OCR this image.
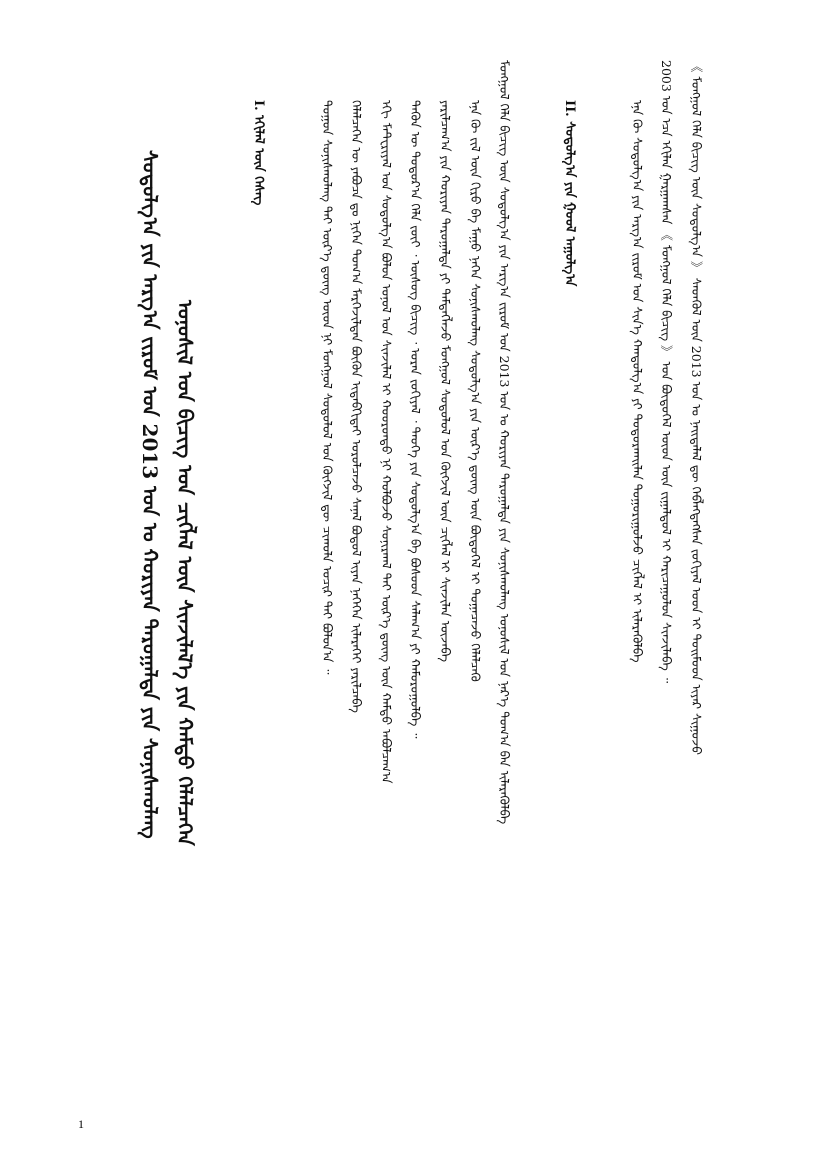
ᠰᠤᠳᠤᠯᠭ᠎ᠠ ᠶᠢᠨ ᠠᠷᠭ᠎ᠠ ᠵᠢᠷᠤᠮ ᠤᠨ 2013 ᠣᠨ ᠤ ᠬᠣᠷᠢᠶᠠᠨ ᠳᠠᠷᠤᠭᠠᠯᠲᠠ ᠶᠢᠨ ᠰᠣᠨᠢᠰᠬᠤᠯᠠᠩ ᠤᠨᠤᠰᠢᠯ ᠤᠨ ᠪᠢᠴᠢᠭ ᠤᠨ ᠴᠢᠭᠯᠡᠯ ᠦᠨ ᠰᠢᠨᠵᠢᠯᠡᠯ᠎ᠡ ᠶᠢᠨ ᠬᠠᠮᠲᠤ ᠬᠡᠯᠡᠯᠴᠡᠭᠡᠨ
I. ᠡᠬᠢᠯᠡᠯ ᠦᠨ ᠬᠡᠰᠡᠭ	ᠲᠣᠭᠣᠨ ᠰᠣᠨᠢᠰᠬᠤᠯᠠᠩ ᠲᠠᠢ ᠦᠷ᠎ᠡ ᠳ᠋ᠦᠩ ᠦᠳ ᠨᠢ ᠮᠣᠩᠭᠣᠯ ᠰᠤᠳᠤᠯᠤᠯ ᠤᠨ ᠬᠥᠭᠵᠢᠯ ᠳᠦ ᠴᠢᠬᠤᠯᠠ ᠤᠴᠢᠷ ᠲᠠᠢ ᠪᠣᠯᠤᠨ᠎ᠠ ᠃ ᠬᠡᠯᠡᠯᠴᠡᠭᠡᠨ ᠦ ᠶᠠᠪᠤᠴᠠ ᠳᠤ ᠨᠢᠭᠡᠨ ᠳᠤᠭ᠎ᠠ ᠮᠡᠷᠭᠡᠵᠢᠯᠲᠡᠨ ᠪᠦᠬᠦᠨ ᠢᠳᠡᠪᠬᠢᠲᠡᠢ ᠣᠷᠤᠯᠴᠠᠵᠤ ᠰᠠᠨᠠᠯ ᠪᠣᠳᠤᠯ ᠢᠶᠠᠨ ᠨᠡᠭᠡᠭᠡᠨ ᠢᠯᠡᠷᠡᠬᠡᠢ ᠶᠠᠷᠢᠯᠴᠠᠪᠠ ᠡᠬᠢ ᠮᠠᠲ᠋ᠧᠷᠢᠶᠠᠯ ᠤᠨ ᠰᠤᠳᠤᠯᠭ᠎ᠠ ᠪᠤᠯᠤᠨ ᠣᠨᠤᠯ ᠤᠨ ᠰᠢᠨᠵᠢᠯᠡᠯ ᠢ ᠬᠣᠣᠷᠣᠨᠳᠤ ᠨᠢ ᠬᠣᠯᠪᠣᠵᠤ ᠰᠣᠨᠢᠷᠬᠠᠯ ᠲᠠᠢ ᠦᠷ᠎ᠡ ᠳ᠋ᠦᠩ ᠦᠨ ᠬᠠᠮᠲᠤ ᠠᠪᠤᠯᠴᠠᠭ᠎ᠠ ᠲᠡᠭᠦᠨ ᠦ ᠳᠣᠲᠣᠷ᠎ᠠ ᠬᠡᠯᠡ ᠵᠦᠢ ᠂ ᠦᠰᠦᠭ ᠪᠢᠴᠢᠭ ᠂ ᠤᠷᠠᠨ ᠵᠣᠬᠢᠶᠠᠯ ᠂ ᠲᠡᠦᠬᠡ ᠶᠢᠨ ᠰᠤᠳᠤᠯᠭ᠎ᠠ ᠪᠠ ᠪᠤᠰᠤᠳ ᠰᠠᠯᠠᠭ᠎ᠠ ᠶᠢ ᠬᠠᠮᠤᠷᠤᠭᠤᠯᠪᠠ ᠃ ᠶᠠᠷᠢᠯᠴᠠᠭ᠎ᠠ ᠶᠢᠨ ᠬᠣᠷᠢᠶᠠᠨ ᠳᠠᠷᠤᠭᠠᠯᠲᠠ ᠶᠢ ᠲᠡᠮᠳᠡᠭᠯᠡᠵᠦ ᠮᠣᠩᠭᠣᠯ ᠰᠤᠳᠤᠯᠤᠯ ᠤᠨ ᠬᠥᠭᠵᠢᠯ ᠦᠨ ᠴᠢᠭᠯᠡᠯ ᠢ ᠰᠢᠨᠵᠢᠯᠡᠨ ᠦᠵᠡᠪᠡ ᠡᠨᠡ ᠬᠦ ᠵᠢᠯ ᠦᠨ ᠬᠢᠷᠤ ᠪᠠ ᠮᠠᠭᠤ ᠨᠡᠭᠡᠨ ᠰᠣᠨᠢᠰᠬᠤᠯᠠᠩ ᠰᠤᠳᠤᠯᠭ᠎ᠠ ᠶᠢᠨ ᠦᠷ᠎ᠡ ᠳ᠋ᠦᠩ ᠦᠨ ᠪᠦᠲᠦᠭᠡᠯ ᠢ ᠲᠣᠭᠠᠴᠠᠵᠤ ᠬᠡᠯᠡᠯᠴᠡᠬᠦ ᠮᠣᠩᠭᠣᠯ ᠬᠡᠯᠡ ᠪᠢᠴᠢᠭ ᠦᠨ ᠰᠤᠳᠤᠯᠭ᠎ᠠ ᠶᠢᠨ ᠠᠷᠭ᠎ᠠ ᠵᠢᠷᠤᠮ ᠤᠨ 2013 ᠣᠨ ᠤ ᠬᠣᠷᠢᠶᠠᠨ ᠳᠠᠷᠤᠭᠠᠯᠲᠠ ᠶᠢᠨ ᠰᠣᠨᠢᠰᠬᠤᠯᠠᠩ ᠤᠨᠤᠰᠢᠯ ᠤᠨ ᠨᠡᠷ᠎ᠡ ᠲᠣᠭ᠎ᠠ ᠪᠠᠨ ᠢᠯᠡᠷᠡᠭᠦᠯᠪᠡ	II. ᠰᠤᠳᠤᠯᠭ᠎ᠠ ᠶᠢᠨ ᠭᠣᠣᠯ ᠠᠭᠤᠯᠭ᠎ᠠ	ᠡᠨᠡ ᠬᠦ ᠰᠤᠳᠤᠯᠭ᠎ᠠ ᠶᠢᠨ ᠠᠷᠭ᠎ᠠ ᠵᠢᠷᠤᠮ ᠤᠨ ᠰᠢᠨ᠎ᠡ ᠬᠠᠨᠳᠤᠯᠭ᠎ᠠ ᠶᠢ ᠲᠣᠳᠣᠷᠬᠠᠢᠯᠠᠨ ᠲᠣᠭᠣᠷᠢᠭᠤᠯᠵᠤ ᠴᠢᠭᠯᠡᠯ ᠢ ᠢᠯᠡᠷᠡᠭᠦᠯᠪᠡ 2003 ᠣᠨ ᠡᠴᠡ ᠡᠬᠢᠯᠡᠨ ᠭᠠᠷᠭᠠᠭᠰᠠᠨ 《 ᠮᠣᠩᠭᠣᠯ ᠬᠡᠯᠡ ᠪᠢᠴᠢᠭ 》 ᠤᠨ ᠪᠦᠲᠦᠭᠡᠯ ᠦᠳ ᠦᠨ ᠵᠢᠭᠠᠯᠳᠤᠯ ᠢ ᠬᠠᠷᠢᠴᠠᠭᠤᠯᠤᠨ ᠰᠢᠨᠵᠢᠯᠡᠪᠡ ᠃ 《 ᠮᠣᠩᠭᠣᠯ ᠬᠡᠯᠡ ᠪᠢᠴᠢᠭ ᠦᠨ ᠰᠤᠳᠤᠯᠭ᠎ᠠ 》 ᠰᠡᠳᠬᠦᠯ ᠦᠨ 2013 ᠣᠨ ᠤ ᠨᠡᠢᠲᠡᠯᠡᠯ ᠳᠦ ᠬᠡᠪᠯᠡᠭᠳᠡᠭᠰᠡᠨ ᠵᠣᠬᠢᠶᠠᠯ ᠤᠳ ᠢ ᠲᠣᠢᠮᠣᠳ ᠢᠶᠠᠷ ᠰᠢᠭᠤᠵᠤ
1
